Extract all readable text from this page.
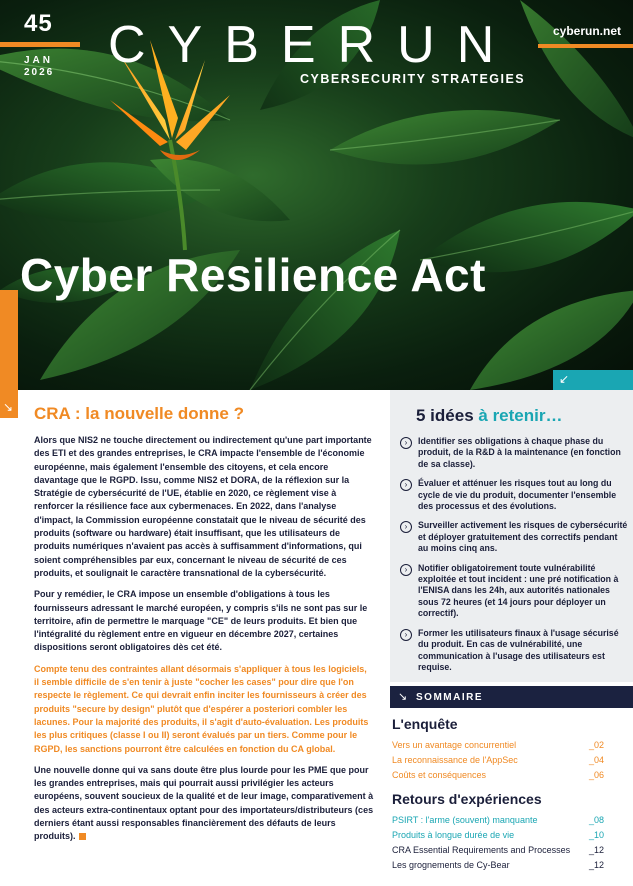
45
JAN
2026 CYBERUN
CYBERSECURITY STRATEGIES
cyberun.net
Cyber Resilience Act
↙
↘ CRA : la nouvelle donne ?

Alors que NIS2 ne touche directement ou indirectement qu'une part importante des ETI et des grandes entreprises, le CRA impacte l'ensemble de l'économie européenne, mais également l'ensemble des citoyens, et cela encore davantage que le RGPD. Issu, comme NIS2 et DORA, de la réflexion sur la Stratégie de cybersécurité de l'UE, établie en 2020, ce règlement vise à renforcer la résilience face aux cybermenaces. En 2022, dans l'analyse d'impact, la Commission européenne constatait que le niveau de sécurité des produits (software ou hardware) était insuffisant, que les utilisateurs de produits numériques n'avaient pas accès à suffisamment d'informations, qui soient compréhensibles par eux, concernant le niveau de sécurité de ces produits, et soulignait le caractère transnational de la cybersécurité.

Pour y remédier, le CRA impose un ensemble d'obligations à tous les fournisseurs adressant le marché européen, y compris s'ils ne sont pas sur le territoire, afin de permettre le marquage "CE" de leurs produits. Et bien que l'intégralité du règlement entre en vigueur en décembre 2027, certaines dispositions seront obligatoires dès cet été.

Compte tenu des contraintes allant désormais s'appliquer à tous les logiciels, il semble difficile de s'en tenir à juste "cocher les cases" pour dire que l'on respecte le règlement. Ce qui devrait enfin inciter les fournisseurs à créer des produits "secure by design" plutôt que d'espérer a posteriori combler les lacunes. Pour la majorité des produits, il s'agit d'auto-évaluation. Les produits les plus critiques (classe I ou II) seront évalués par un tiers. Comme pour le RGPD, les sanctions pourront être calculées en fonction du CA global.

Une nouvelle donne qui va sans doute être plus lourde pour les PME que pour les grandes entreprises, mais qui pourrait aussi privilégier les acteurs européens, souvent soucieux de la qualité et de leur image, comparativement à des acteurs extra-continentaux optant pour des importateurs/distributeurs (ces derniers étant aussi responsables financièrement des défauts de leurs produits).

5 idées à retenir…
›	Identifier ses obligations à chaque phase du produit, de la R&D à la maintenance (en fonction de sa classe).
›	Évaluer et atténuer les risques tout au long du cycle de vie du produit, documenter l'ensemble des processus et des évolutions.
›	Surveiller activement les risques de cybersécurité et déployer gratuitement des correctifs pendant au moins cinq ans.
›	Notifier obligatoirement toute vulnérabilité exploitée et tout incident : une pré notification à l'ENISA dans les 24h, aux autorités nationales sous 72 heures (et 14 jours pour déployer un correctif).
›	Former les utilisateurs finaux à l'usage sécurisé du produit. En cas de vulnérabilité, une communication à l'usage des utilisateurs est requise.
↘ SOMMAIRE
L'enquête
Vers un avantage concurrentiel	_02
La reconnaissance de l'AppSec	_04
Coûts et conséquences	_06
Retours d'expériences
PSIRT : l'arme (souvent) manquante	_08
Produits à longue durée de vie	_10
CRA Essential Requirements and Processes _12
Les grognements de Cy-Bear	_12
